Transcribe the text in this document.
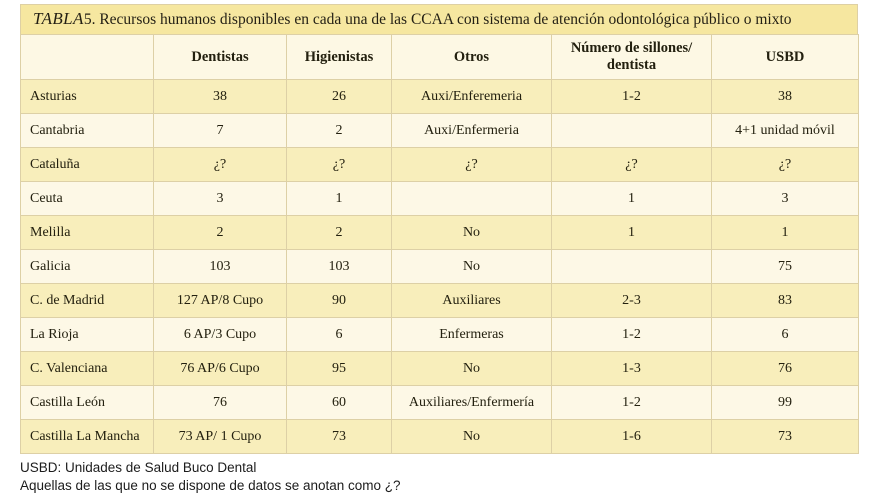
TABLA5. Recursos humanos disponibles en cada una de las CCAA con sistema de atención odontológica público o mixto
	Dentistas	Higienistas	Otros	Número de sillones/ dentista	USBD
Asturias	38	26	Auxi/Enferemeria	1-2	38
Cantabria	7	2	Auxi/Enfermeria		4+1 unidad móvil
Cataluña	¿?	¿?	¿?	¿?	¿?
Ceuta	3	1		1	3
Melilla	2	2	No	1	1
Galicia	103	103	No		75
C. de Madrid	127 AP/8 Cupo	90	Auxiliares	2-3	83
La Rioja	6 AP/3 Cupo	6	Enfermeras	1-2	6
C. Valenciana	76 AP/6 Cupo	95	No	1-3	76
Castilla León	76	60	Auxiliares/Enfermería	1-2	99
Castilla La Mancha	73 AP/ 1 Cupo	73	No	1-6	73
USBD: Unidades de Salud Buco Dental
Aquellas de las que no se dispone de datos se anotan como ¿?
